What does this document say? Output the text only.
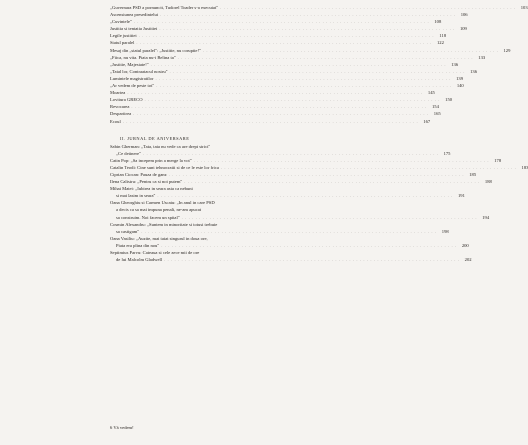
„Guvernara PSD a pornuncit, Tudorel Toader s-a executat" . . .	103
Ascensiunea presedintelui . . .	106
„Cuvintele" . . .	108
Justitia si tentatia Justitiei . . .	109
Legile justitiei . . .	118
Statul paralel . . .	122
Mesaj din „statul paralel": „Justitie, nu coruptie!" . . .	129
„Fiica, nu vita. Piata nu-i Belina ta" . . .	133
„Justitie, Majestate!" . . .	136
„Tatal lor, Contraatacul nostru" . . .	136
Lumintele magistratilor . . .	139
„Ar vedem de peste tot" . . .	140
Moartea . . .	145
Lovitura GRECO . . .	150
Revocarea . . .	154
Despartirea . . .	165
Ecoul . . .	167
II. JURNAL DE ANIVERSARE
Sabin Gherman: „Tata, tata nu vede ca are drept strict"
„Ce detinere" . . .	175
Catin Pop: „Sa incepem prin a merge la vot" . . .	178
Catalin Teodi: Cine sunt tehnocratii si de ce le este lor frica . . .	183
Ciprian Ciocan: Pauza de ganz . . .	185
Ilena Calistru: „Pentru ca si noi putem" . . .	188
Mihai Matei: „Iubirea in seara asta ca nebuni
si mai lasim in seara" . . .	191
Oana Gheorghiu si Carmen Uscatu: „In anul in care PSD
a decis ca sa mai impuna penali, ne-am apucat
sa construim. Noi facem un spital" . . .	194
Cosmin Alexandru: „Suntem in minoritate si totusi trebuie
sa castigam" . . .	198
Oana Vasiliu: „Auzite, mai taiat singurul in doua ore,
Piata era plina din nou" . . .	200
Septimius Parvu: Cateaua si cele zece mii de ore
de lui Malcolm Gladwell . . .	202
6 Vă vedem!
